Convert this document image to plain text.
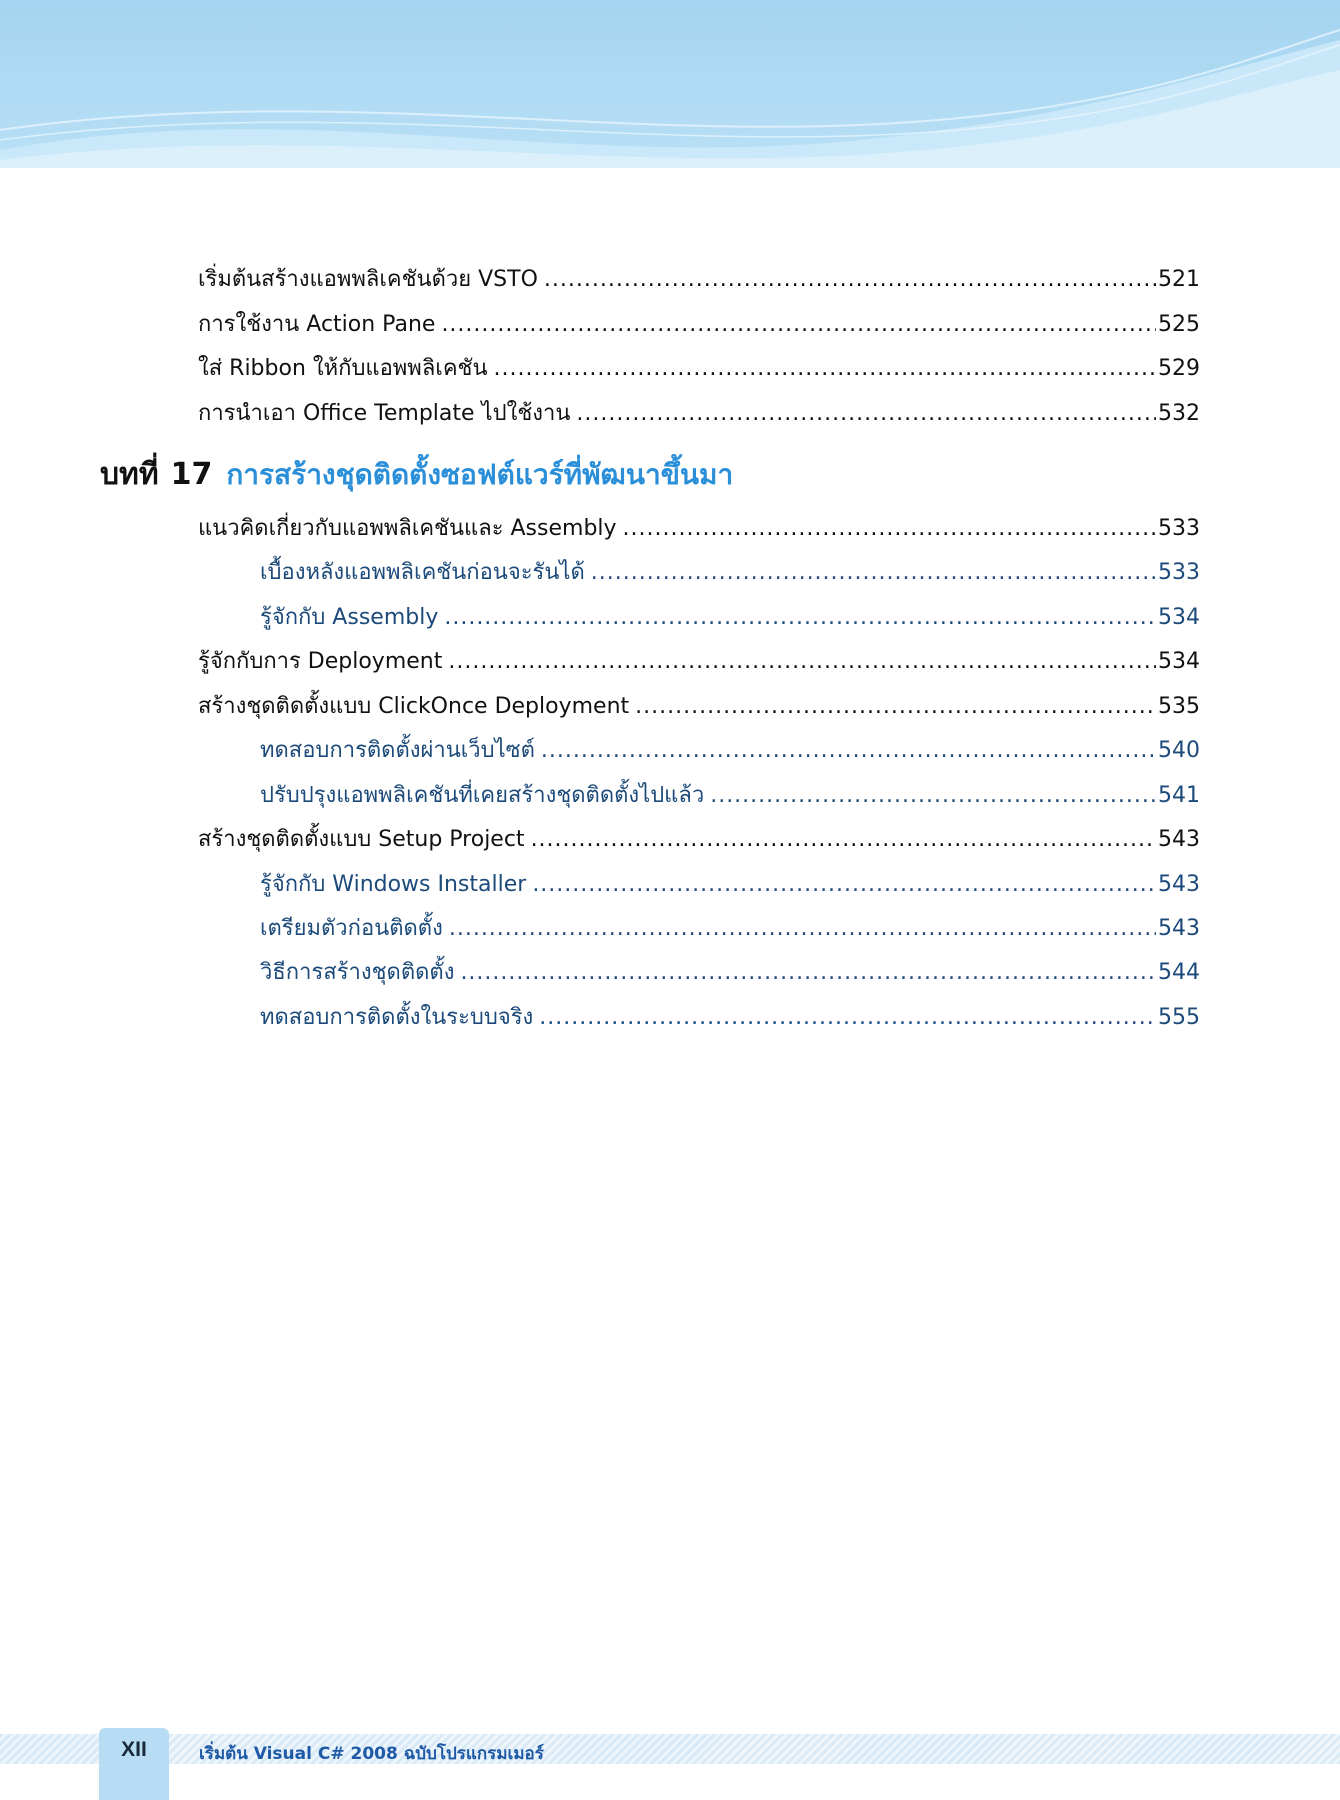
เริ่มต้นสร้างแอพพลิเคชันด้วย VSTO .....	521
การใช้งาน Action Pane .....	525
ใส่ Ribbon ให้กับแอพพลิเคชัน .....	529
การนำเอา Office Template ไปใช้งาน .....	532
บทที่ 17 การสร้างชุดติดตั้งซอฟต์แวร์ที่พัฒนาขึ้นมา
แนวคิดเกี่ยวกับแอพพลิเคชันและ Assembly .....	533
เบื้องหลังแอพพลิเคชันก่อนจะรันได้ .....	533
รู้จักกับ Assembly .....	534
รู้จักกับการ Deployment .....	534
สร้างชุดติดตั้งแบบ ClickOnce Deployment .....	535
ทดสอบการติดตั้งผ่านเว็บไซต์ .....	540
ปรับปรุงแอพพลิเคชันที่เคยสร้างชุดติดตั้งไปแล้ว .....	541
สร้างชุดติดตั้งแบบ Setup Project .....	543
รู้จักกับ Windows Installer .....	543
เตรียมตัวก่อนติดตั้ง .....	543
วิธีการสร้างชุดติดตั้ง .....	544
ทดสอบการติดตั้งในระบบจริง .....	555
XII	เริ่มต้น Visual C# 2008 ฉบับโปรแกรมเมอร์
